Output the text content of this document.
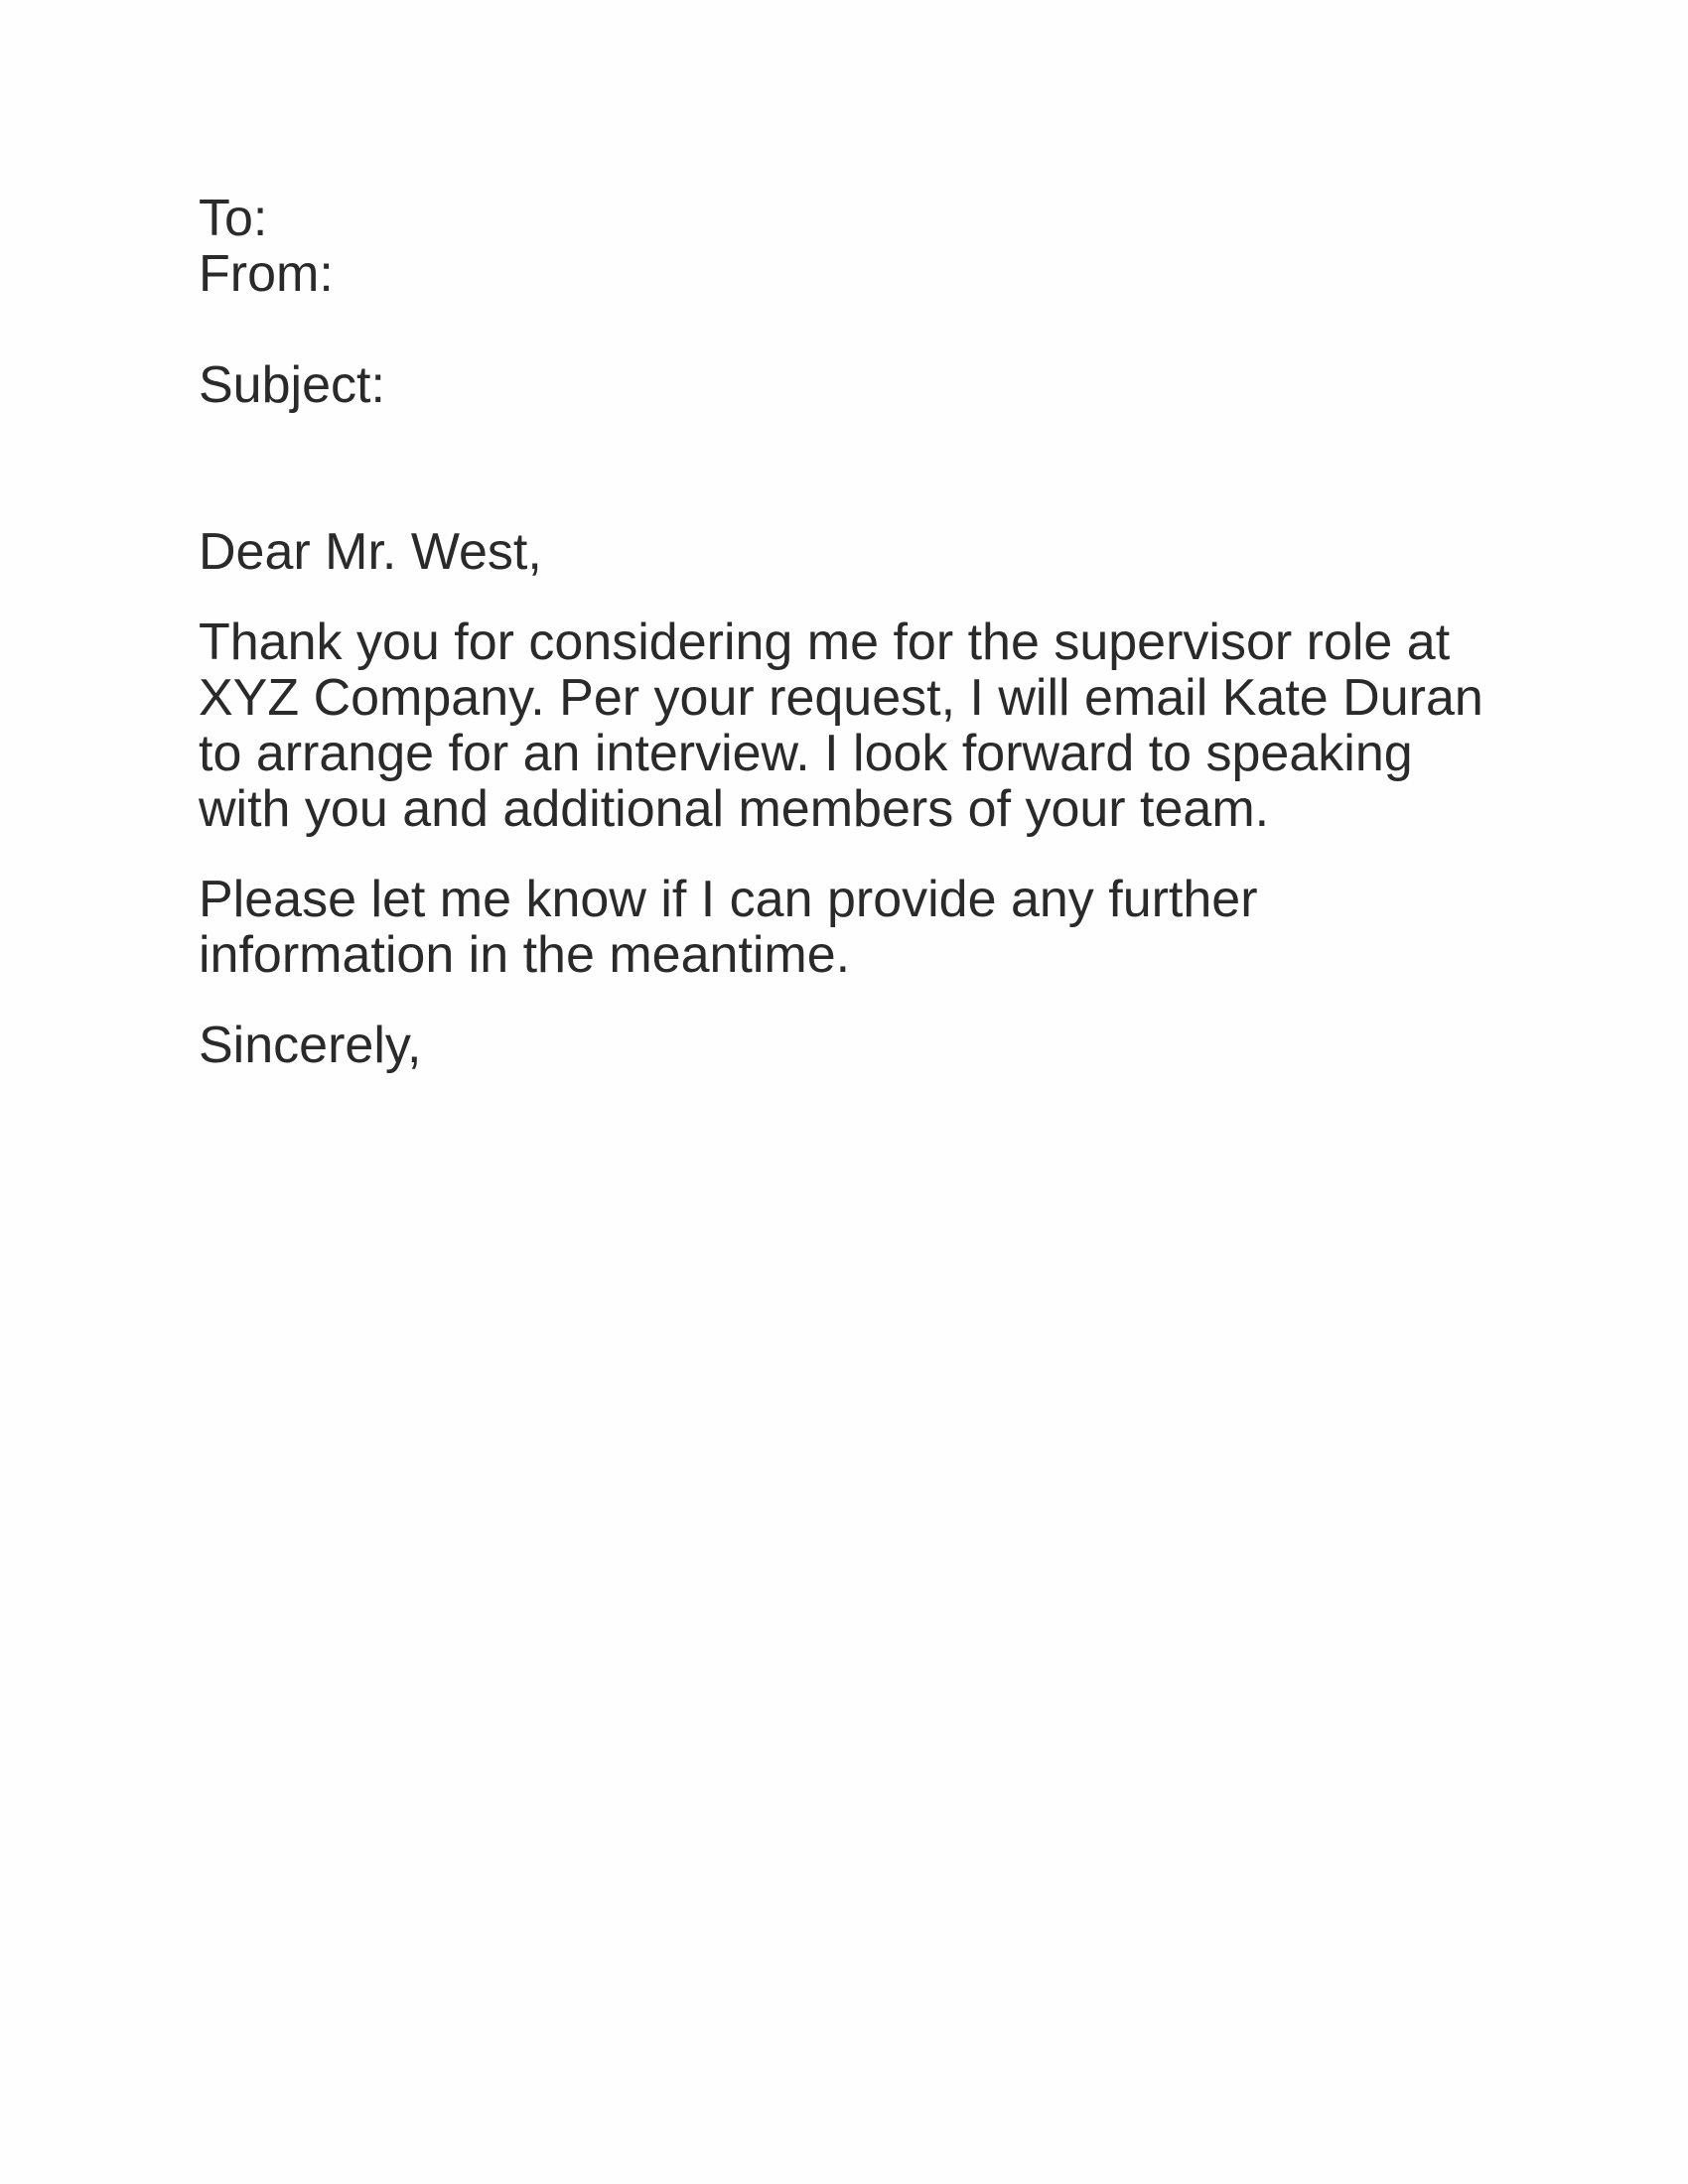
To:
From:
Subject:

Dear Mr. West,

Thank you for considering me for the supervisor role at XYZ Company. Per your request, I will email Kate Duran to arrange for an interview. I look forward to speaking with you and additional members of your team.

Please let me know if I can provide any further information in the meantime.

Sincerely,
